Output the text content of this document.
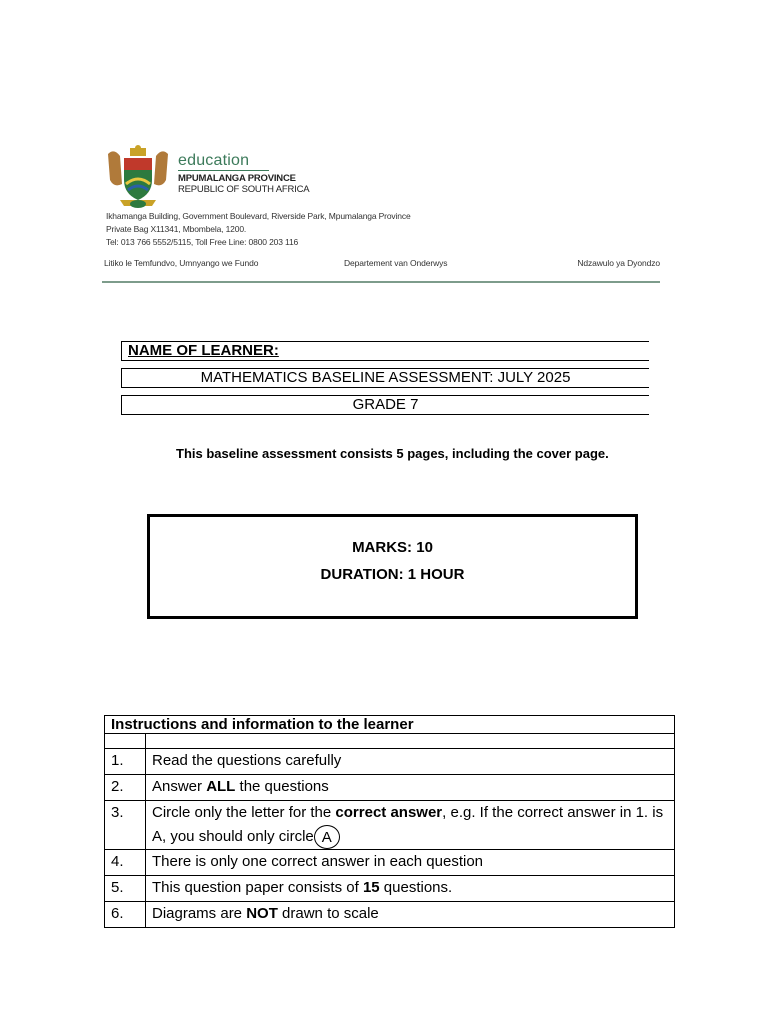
education
MPUMALANGA PROVINCE
REPUBLIC OF SOUTH AFRICA
Ikhamanga Building, Government Boulevard, Riverside Park, Mpumalanga Province
Private Bag X11341, Mbombela, 1200.
Tel: 013 766 5552/5115, Toll Free Line: 0800 203 116
Litiko le Temfundvo, Umnyango we Fundo	Departement van Onderwys	Ndzawulo ya Dyondzo
NAME OF LEARNER:
MATHEMATICS BASELINE ASSESSMENT: JULY 2025
GRADE 7
This baseline assessment consists 5 pages, including the cover page.
MARKS: 10
DURATION: 1 HOUR
Instructions and information to the learner	

1.	Read the questions carefully
2.	Answer ALL the questions
3.	Circle only the letter for the correct answer, e.g. If the correct answer in 1. is A, you should only circle A
4.	There is only one correct answer in each question
5.	This question paper consists of 15 questions.
6.	Diagrams are NOT drawn to scale
